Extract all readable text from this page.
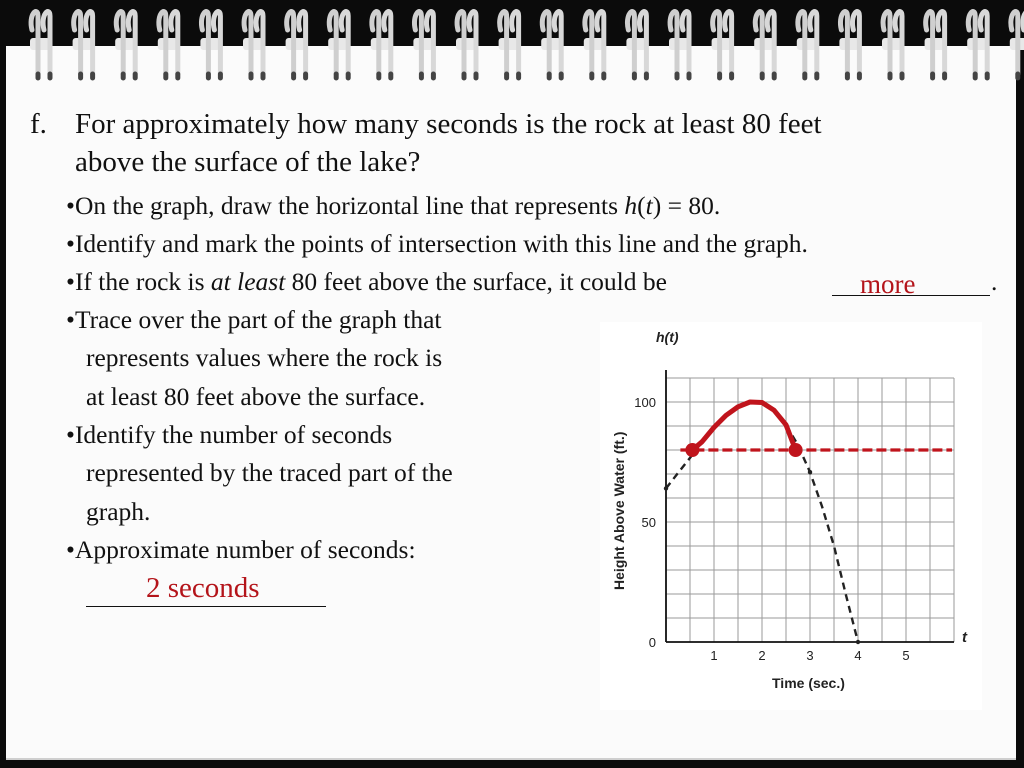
f. For approximately how many seconds is the rock at least 80 feet
above the surface of the lake?
•On the graph, draw the horizontal line that represents h(t) = 80.
•Identify and mark the points of intersection with this line and the graph.
•If the rock is at least 80 feet above the surface, it could be	.
more
•Trace over the part of the graph that
represents values where the rock is
at least 80 feet above the surface.
•Identify the number of seconds
represented by the traced part of the
graph.
•Approximate number of seconds:
2 seconds
1	2	3	4	5
0
50
100
h(t)
t
Time (sec.)
Height Above Water (ft.)
